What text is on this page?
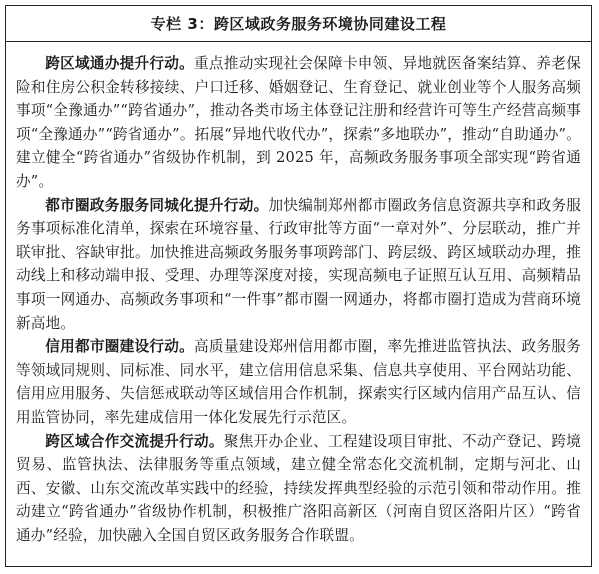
专栏 3：跨区域政务服务环境协同建设工程

跨区域通办提升行动。重点推动实现社会保障卡申领、异地就医备案结算、养老保险和住房公积金转移接续、户口迁移、婚姻登记、生育登记、就业创业等个人服务高频事项“全豫通办”“跨省通办”，推动各类市场主体登记注册和经营许可等生产经营高频事项“全豫通办”“跨省通办”。拓展“异地代收代办”，探索“多地联办”，推动“自助通办”。建立健全“跨省通办”省级协作机制，到 2025 年，高频政务服务事项全部实现“跨省通办”。

都市圈政务服务同城化提升行动。加快编制郑州都市圈政务信息资源共享和政务服务事项标准化清单，探索在环境容量、行政审批等方面“一章对外”、分层联动，推广并联审批、容缺审批。加快推进高频政务服务事项跨部门、跨层级、跨区域联动办理，推动线上和移动端申报、受理、办理等深度对接，实现高频电子证照互认互用、高频精品事项一网通办、高频政务事项和“一件事”都市圈一网通办，将都市圈打造成为营商环境新高地。

信用都市圈建设行动。高质量建设郑州信用都市圈，率先推进监管执法、政务服务等领域同规则、同标准、同水平，建立信用信息采集、信息共享使用、平台网站功能、信用应用服务、失信惩戒联动等区域信用合作机制，探索实行区域内信用产品互认、信用监管协同，率先建成信用一体化发展先行示范区。

跨区域合作交流提升行动。聚焦开办企业、工程建设项目审批、不动产登记、跨境贸易、监管执法、法律服务等重点领域，建立健全常态化交流机制，定期与河北、山西、安徽、山东交流改革实践中的经验，持续发挥典型经验的示范引领和带动作用。推动建立“跨省通办”省级协作机制，积极推广洛阳高新区（河南自贸区洛阳片区）“跨省通办”经验，加快融入全国自贸区政务服务合作联盟。
